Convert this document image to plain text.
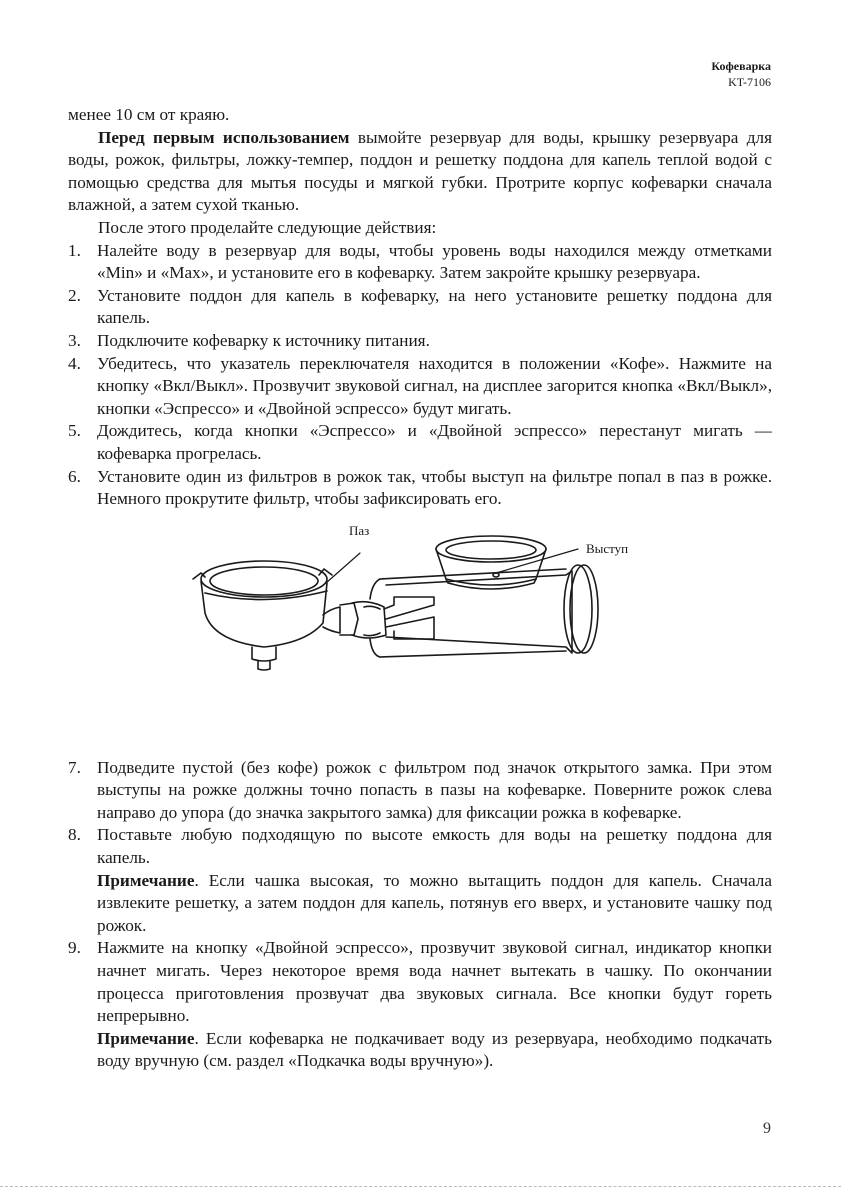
Кофеварка
KT-7106

менее 10 см от краяю.

Перед первым использованием вымойте резервуар для воды, крышку резервуара для воды, рожок, фильтры, ложку-темпер, поддон и решетку поддона для капель теплой водой с помощью средства для мытья посуды и мягкой губки. Протрите корпус кофеварки сначала влажной, а затем сухой тканью.

После этого проделайте следующие действия:

1. Налейте воду в резервуар для воды, чтобы уровень воды находился между отметками «Min» и «Max», и установите его в кофеварку. Затем закройте крышку резервуара.
2. Установите поддон для капель в кофеварку, на него установите решетку поддона для капель.
3. Подключите кофеварку к источнику питания.
4. Убедитесь, что указатель переключателя находится в положении «Кофе». Нажмите на кнопку «Вкл/Выкл». Прозвучит звуковой сигнал, на дисплее загорится кнопка «Вкл/Выкл», кнопки «Эспрессо» и «Двойной эспрессо» будут мигать.
5. Дождитесь, когда кнопки «Эспрессо» и «Двойной эспрессо» перестанут мигать — кофеварка прогрелась.
6. Установите один из фильтров в рожок так, чтобы выступ на фильтре попал в паз в рожке. Немного прокрутите фильтр, чтобы зафиксировать его.
Паз
Выступ
7. Подведите пустой (без кофе) рожок с фильтром под значок открытого замка. При этом выступы на рожке должны точно попасть в пазы на кофеварке. Поверните рожок слева направо до упора (до значка закрытого замка) для фиксации рожка в кофеварке.
8. Поставьте любую подходящую по высоте емкость для воды на решетку поддона для капель.

Примечание. Если чашка высокая, то можно вытащить поддон для капель. Сначала извлеките решетку, а затем поддон для капель, потянув его вверх, и установите чашку под рожок.

9. Нажмите на кнопку «Двойной эспрессо», прозвучит звуковой сигнал, индикатор кнопки начнет мигать. Через некоторое время вода начнет вытекать в чашку. По окончании процесса приготовления прозвучат два звуковых сигнала. Все кнопки будут гореть непрерывно.

Примечание. Если кофеварка не подкачивает воду из резервуара, необходимо подкачать воду вручную (см. раздел «Подкачка воды вручную»).

9
